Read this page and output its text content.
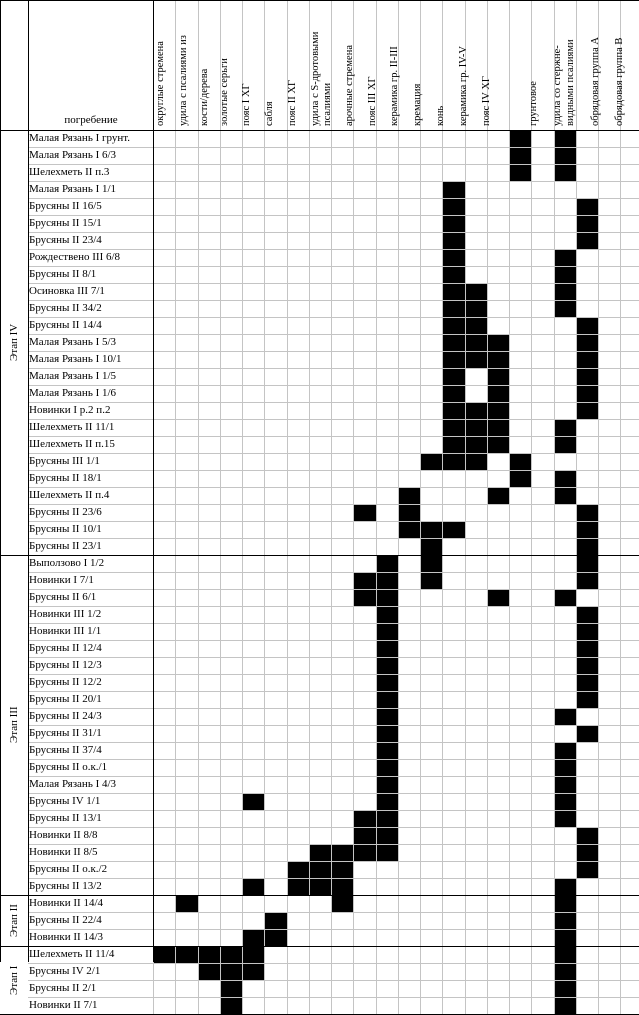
погребение
Малая Рязань I грунт.
Малая Рязань I 6/3
Шелехметь II п.3
Малая Рязань I 1/1
Брусяны II 16/5
Брусяны II 15/1
Брусяны II 23/4
Рождествено III 6/8
Брусяны II 8/1
Осиновка III 7/1
Брусяны II 34/2
Брусяны II 14/4
Малая Рязань I 5/3
Малая Рязань I 10/1
Малая Рязань I 1/5
Малая Рязань I 1/6
Новинки I р.2 п.2
Шелехметь II 11/1
Шелехметь II п.15
Брусяны III 1/1
Брусяны II 18/1
Шелехметь II п.4
Брусяны II 23/6
Брусяны II 10/1
Брусяны II 23/1
Выползово I 1/2
Новинки I 7/1
Брусяны II 6/1
Новинки III 1/2
Новинки III 1/1
Брусяны II 12/4
Брусяны II 12/3
Брусяны II 12/2
Брусяны II 20/1
Брусяны II 24/3
Брусяны II 31/1
Брусяны II 37/4
Брусяны II о.к./1
Малая Рязань I 4/3
Брусяны IV 1/1
Брусяны II 13/1
Новинки II 8/8
Новинки II 8/5
Брусяны II о.к./2
Брусяны II 13/2
Новинки II 14/4
Брусяны II 22/4
Новинки II 14/3
Шелехметь II 11/4
Брусяны IV 2/1
Брусяны II 2/1
Новинки II 7/1
округлые стремена удила с псалиями из кости/дерева золотые серьги пояс I XГ сабля пояс II XГ удила с S-дротовыми псалиями арочные стремена пояс III XГ керамика гр. II-III кремация конь керамика гр. IV-V пояс IV XГ	грунтовое удила со стержне- видными псалиями обрядовая группа А обрядовая группа В
Этап IV
Этап III
Этап II
Этап I
